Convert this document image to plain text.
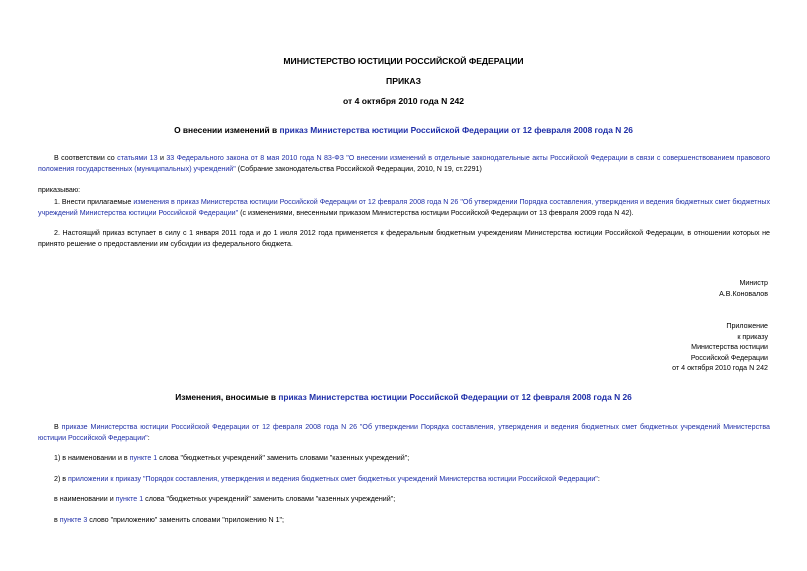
МИНИСТЕРСТВО ЮСТИЦИИ РОССИЙСКОЙ ФЕДЕРАЦИИ
ПРИКАЗ
от 4 октября 2010 года N 242
О внесении изменений в приказ Министерства юстиции Российской Федерации от 12 февраля 2008 года N 26
В соответствии со статьями 13 и 33 Федерального закона от 8 мая 2010 года N 83-ФЗ "О внесении изменений в отдельные законодательные акты Российской Федерации в связи с совершенствованием правового положения государственных (муниципальных) учреждений" (Собрание законодательства Российской Федерации, 2010, N 19, ст.2291)
приказываю:
1. Внести прилагаемые изменения в приказ Министерства юстиции Российской Федерации от 12 февраля 2008 года N 26 "Об утверждении Порядка составления, утверждения и ведения бюджетных смет бюджетных учреждений Министерства юстиции Российской Федерации" (с изменениями, внесенными приказом Министерства юстиции Российской Федерации от 13 февраля 2009 года N 42).
2. Настоящий приказ вступает в силу с 1 января 2011 года и до 1 июля 2012 года применяется к федеральным бюджетным учреждениям Министерства юстиции Российской Федерации, в отношении которых не принято решение о предоставлении им субсидии из федерального бюджета.
Министр
А.В.Коновалов
Приложение
к приказу
Министерства юстиции
Российской Федерации
от 4 октября 2010 года N 242
Изменения, вносимые в приказ Министерства юстиции Российской Федерации от 12 февраля 2008 года N 26
В приказе Министерства юстиции Российской Федерации от 12 февраля 2008 года N 26 "Об утверждении Порядка составления, утверждения и ведения бюджетных смет бюджетных учреждений Министерства юстиции Российской Федерации":
1) в наименовании и в пункте 1 слова "бюджетных учреждений" заменить словами "казенных учреждений";
2) в приложении к приказу "Порядок составления, утверждения и ведения бюджетных смет бюджетных учреждений Министерства юстиции Российской Федерации":
в наименовании и пункте 1 слова "бюджетных учреждений" заменить словами "казенных учреждений";
в пункте 3 слово "приложению" заменить словами "приложению N 1";
